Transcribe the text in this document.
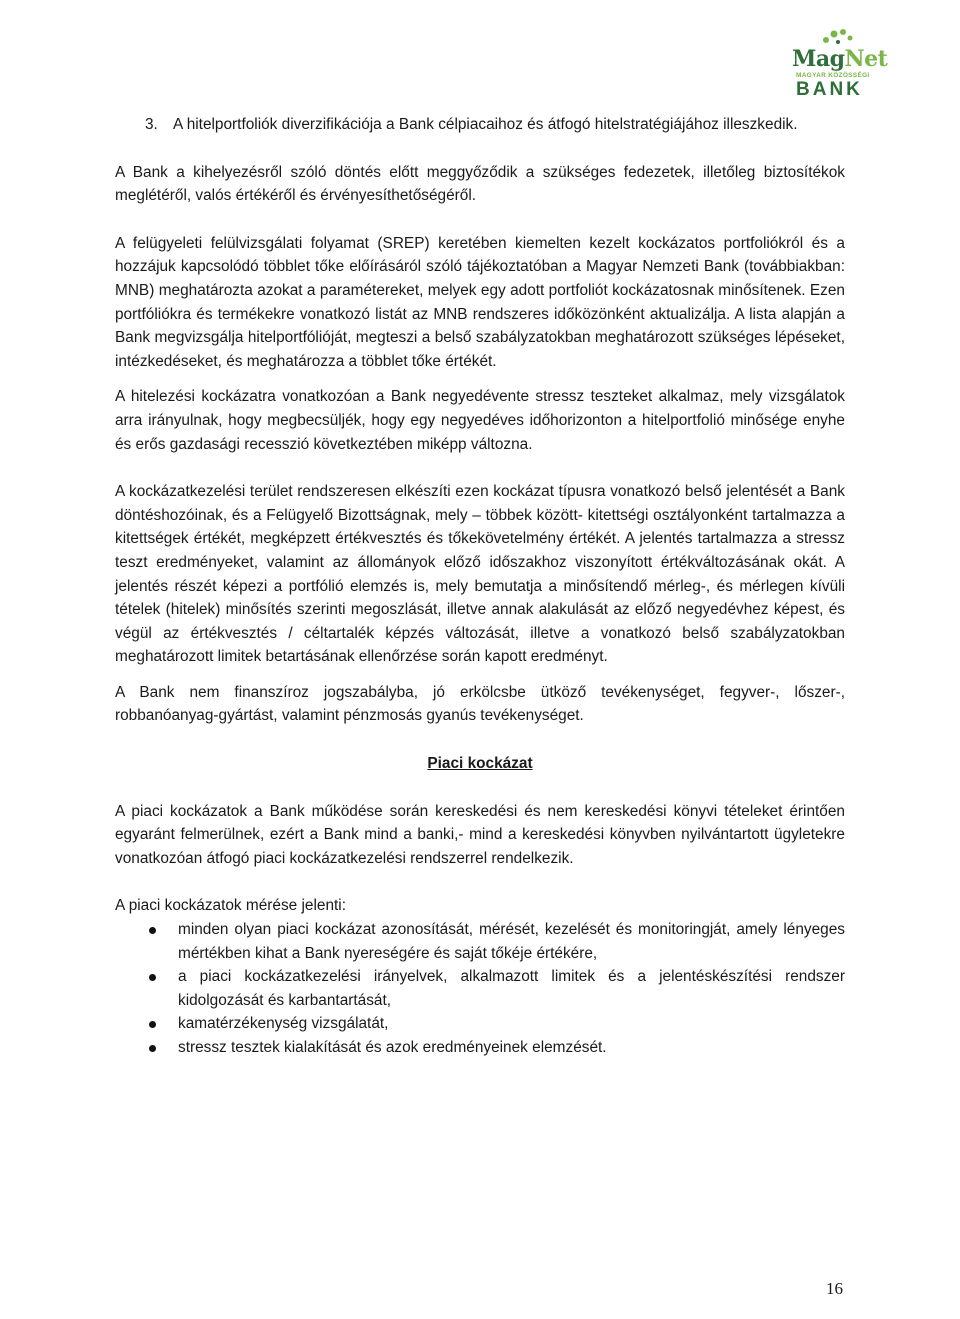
MagNet
MAGYAR KÖZÖSSÉGI
BANK
3. A hitelportfoliók diverzifikációja a Bank célpiacaihoz és átfogó hitelstratégiájához illeszkedik.

A Bank a kihelyezésről szóló döntés előtt meggyőződik a szükséges fedezetek, illetőleg biztosítékok meglétéről, valós értékéről és érvényesíthetőségéről.

A felügyeleti felülvizsgálati folyamat (SREP) keretében kiemelten kezelt kockázatos portfoliókról és a hozzájuk kapcsolódó többlet tőke előírásáról szóló tájékoztatóban a Magyar Nemzeti Bank (továbbiakban: MNB) meghatározta azokat a paramétereket, melyek egy adott portfoliót kockázatosnak minősítenek. Ezen portfóliókra és termékekre vonatkozó listát az MNB rendszeres időközönként aktualizálja. A lista alapján a Bank megvizsgálja hitelportfólióját, megteszi a belső szabályzatokban meghatározott szükséges lépéseket, intézkedéseket, és meghatározza a többlet tőke értékét.

A hitelezési kockázatra vonatkozóan a Bank negyedévente stressz teszteket alkalmaz, mely vizsgálatok arra irányulnak, hogy megbecsüljék, hogy egy negyedéves időhorizonton a hitelportfolió minősége enyhe és erős gazdasági recesszió következtében miképp változna.

A kockázatkezelési terület rendszeresen elkészíti ezen kockázat típusra vonatkozó belső jelentését a Bank döntéshozóinak, és a Felügyelő Bizottságnak, mely – többek között- kitettségi osztályonként tartalmazza a kitettségek értékét, megképzett értékvesztés és tőkekövetelmény értékét. A jelentés tartalmazza a stressz teszt eredményeket, valamint az állományok előző időszakhoz viszonyított értékváltozásának okát. A jelentés részét képezi a portfólió elemzés is, mely bemutatja a minősítendő mérleg-, és mérlegen kívüli tételek (hitelek) minősítés szerinti megoszlását, illetve annak alakulását az előző negyedévhez képest, és végül az értékvesztés / céltartalék képzés változását, illetve a vonatkozó belső szabályzatokban meghatározott limitek betartásának ellenőrzése során kapott eredményt.

A Bank nem finanszíroz jogszabályba, jó erkölcsbe ütköző tevékenységet, fegyver-, lőszer-, robbanóanyag-gyártást, valamint pénzmosás gyanús tevékenységet.

Piaci kockázat

A piaci kockázatok a Bank működése során kereskedési és nem kereskedési könyvi tételeket érintően egyaránt felmerülnek, ezért a Bank mind a banki,- mind a kereskedési könyvben nyilvántartott ügyletekre vonatkozóan átfogó piaci kockázatkezelési rendszerrel rendelkezik.

A piaci kockázatok mérése jelenti:

minden olyan piaci kockázat azonosítását, mérését, kezelését és monitoringját, amely lényeges mértékben kihat a Bank nyereségére és saját tőkéje értékére,
a piaci kockázatkezelési irányelvek, alkalmazott limitek és a jelentéskészítési rendszer kidolgozását és karbantartását,
kamatérzékenység vizsgálatát,
stressz tesztek kialakítását és azok eredményeinek elemzését.
16
